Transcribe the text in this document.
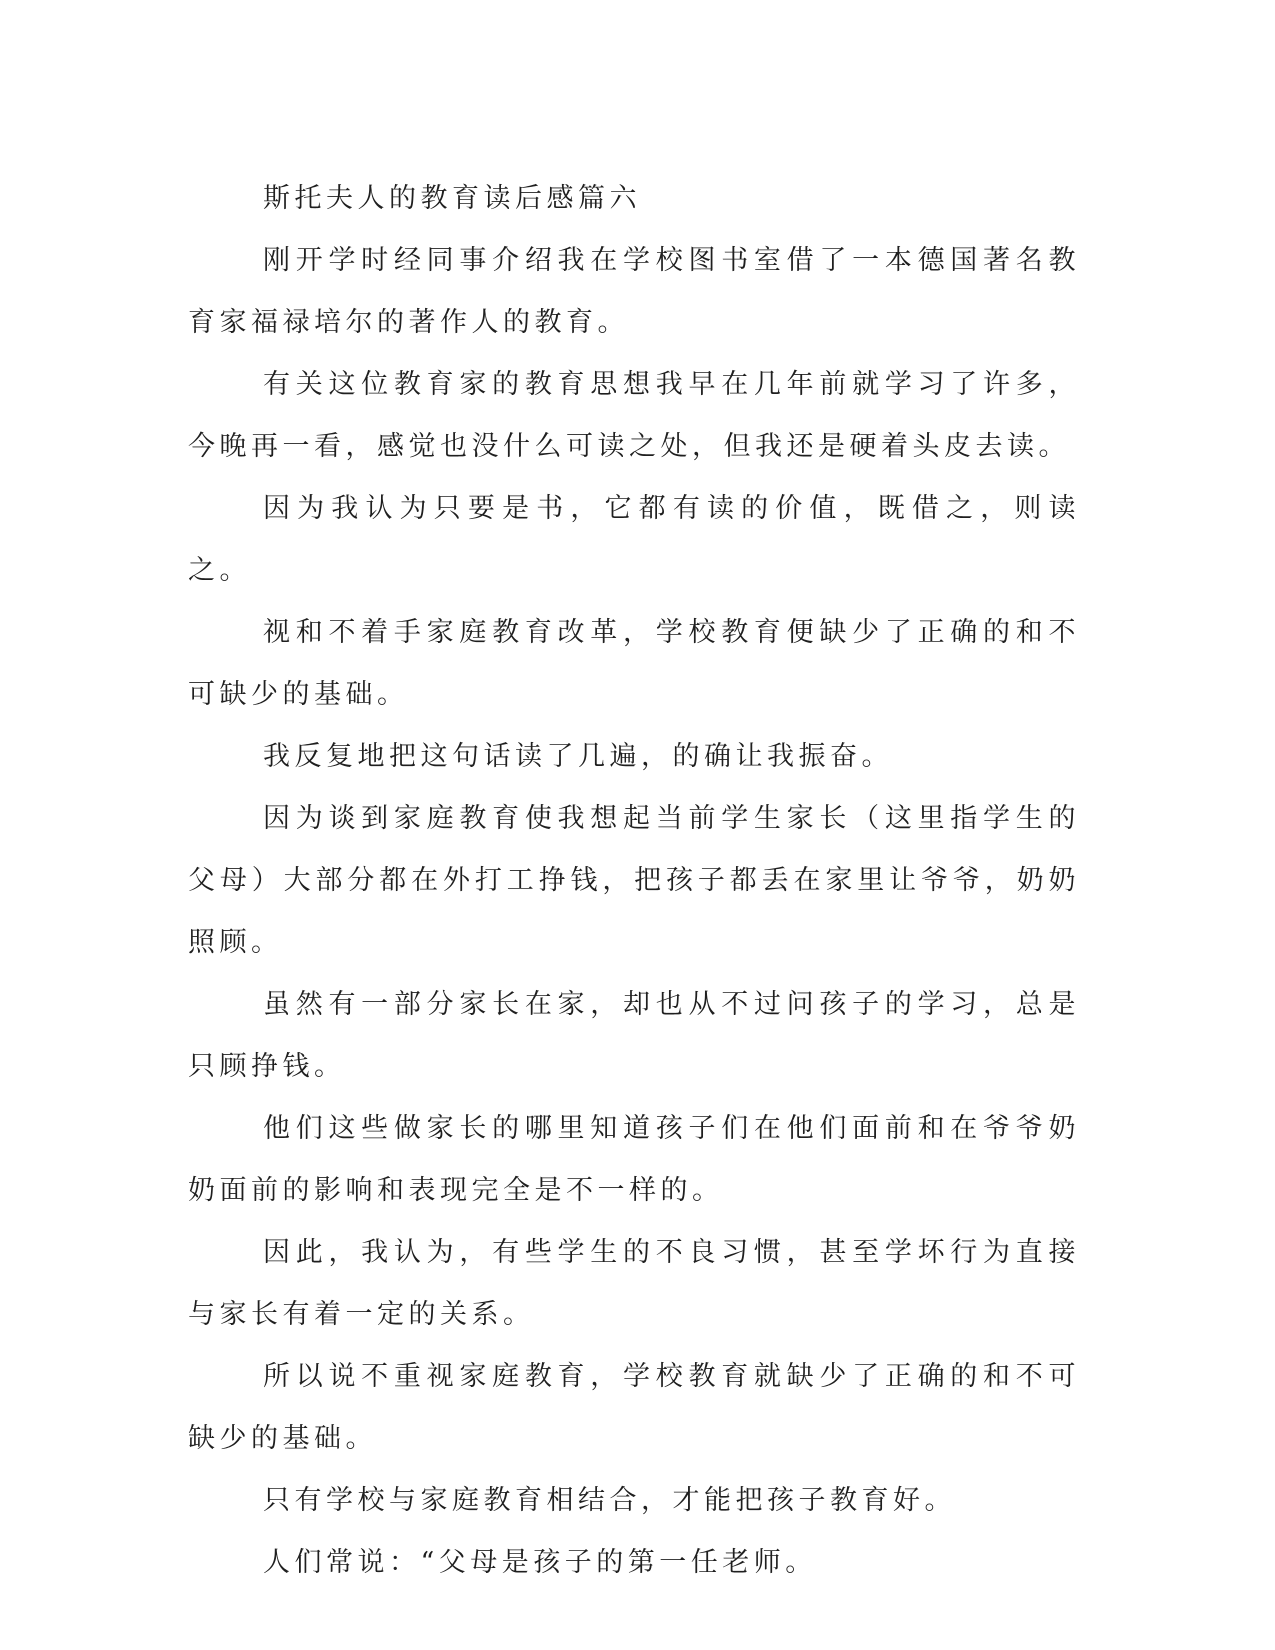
斯托夫人的教育读后感篇六

刚开学时经同事介绍我在学校图书室借了一本德国著名教育家福禄培尔的著作人的教育。

有关这位教育家的教育思想我早在几年前就学习了许多，今晚再一看，感觉也没什么可读之处，但我还是硬着头皮去读。

因为我认为只要是书，它都有读的价值，既借之，则读之。

视和不着手家庭教育改革，学校教育便缺少了正确的和不可缺少的基础。

我反复地把这句话读了几遍，的确让我振奋。

因为谈到家庭教育使我想起当前学生家长（这里指学生的父母）大部分都在外打工挣钱，把孩子都丢在家里让爷爷，奶奶照顾。

虽然有一部分家长在家，却也从不过问孩子的学习，总是只顾挣钱。

他们这些做家长的哪里知道孩子们在他们面前和在爷爷奶奶面前的影响和表现完全是不一样的。

因此，我认为，有些学生的不良习惯，甚至学坏行为直接与家长有着一定的关系。

所以说不重视家庭教育，学校教育就缺少了正确的和不可缺少的基础。

只有学校与家庭教育相结合，才能把孩子教育好。

人们常说：“父母是孩子的第一任老师。
